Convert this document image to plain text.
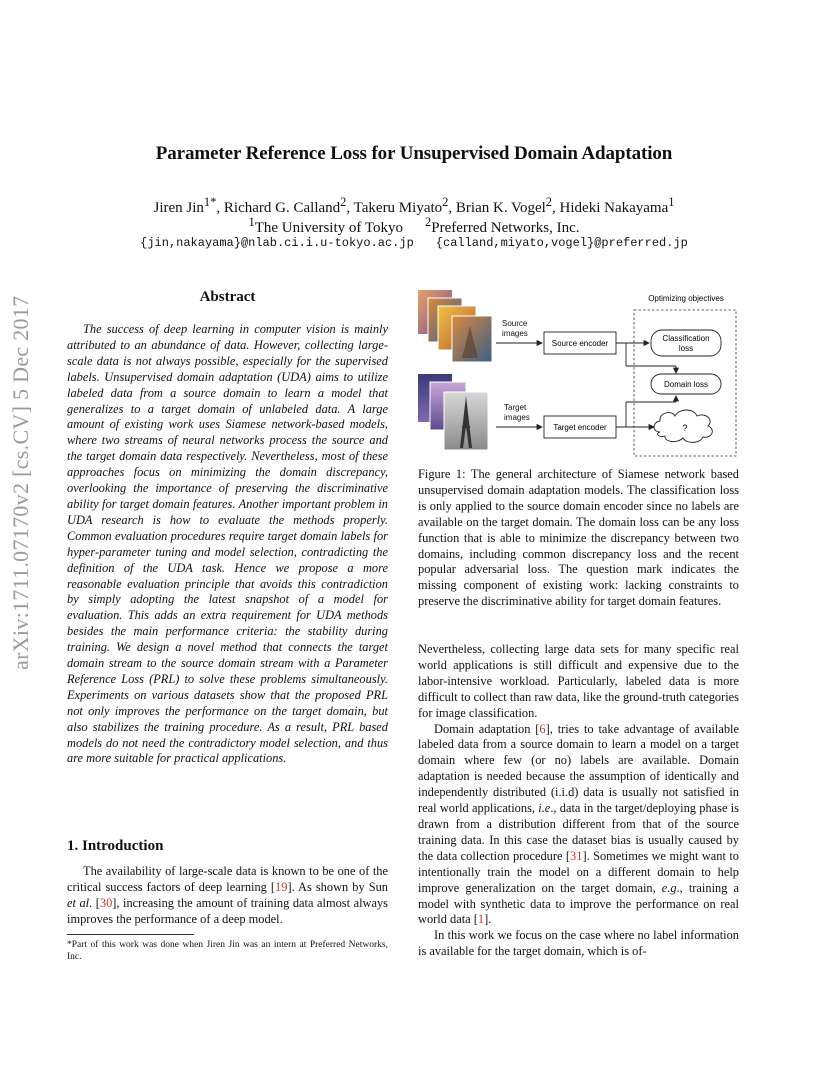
Parameter Reference Loss for Unsupervised Domain Adaptation
Jiren Jin$^{1*}$, Richard G. Calland$^2$, Takeru Miyato$^2$, Brian K. Vogel$^2$, Hideki Nakayama$^1$
$^1$The University of Tokyo $^2$Preferred Networks, Inc.
{jin,nakayama}@nlab.ci.i.u-tokyo.ac.jp {calland,miyato,vogel}@preferred.jp
arXiv:1711.07170v2 [cs.CV] 5 Dec 2017	Abstract
The success of deep learning in computer vision is mainly attributed to an abundance of data. However, collecting large-scale data is not always possible, especially for the supervised labels. Unsupervised domain adaptation (UDA) aims to utilize labeled data from a source domain to learn a model that generalizes to a target domain of unlabeled data. A large amount of existing work uses Siamese network-based models, where two streams of neural networks process the source and the target domain data respectively. Nevertheless, most of these approaches focus on minimizing the domain discrepancy, overlooking the importance of preserving the discriminative ability for target domain features. Another important problem in UDA research is how to evaluate the methods properly. Common evaluation procedures require target domain labels for hyper-parameter tuning and model selection, contradicting the definition of the UDA task. Hence we propose a more reasonable evaluation principle that avoids this contradiction by simply adopting the latest snapshot of a model for evaluation. This adds an extra requirement for UDA methods besides the main performance criteria: the stability during training. We design a novel method that connects the target domain stream to the source domain stream with a Parameter Reference Loss (PRL) to solve these problems simultaneously. Experiments on various datasets show that the proposed PRL not only improves the performance on the target domain, but also stabilizes the training procedure. As a result, PRL based models do not need the contradictory model selection, and thus are more suitable for practical applications.
1. Introduction
The availability of large-scale data is known to be one of the critical success factors of deep learning [19]. As shown by Sun et al. [30], increasing the amount of training data almost always improves the performance of a deep model.
*Part of this work was done when Jiren Jin was an intern at Preferred Networks, Inc.
Source
images
Target
images
Source encoder
Target encoder
Optimizing objectives
Classification
loss
Domain loss
?
Figure 1: The general architecture of Siamese network based unsupervised domain adaptation models. The classification loss is only applied to the source domain encoder since no labels are available on the target domain. The domain loss can be any loss function that is able to minimize the discrepancy between two domains, including common discrepancy loss and the recent popular adversarial loss. The question mark indicates the missing component of existing work: lacking constraints to preserve the discriminative ability for target domain features.

Nevertheless, collecting large data sets for many specific real world applications is still difficult and expensive due to the labor-intensive workload. Particularly, labeled data is more difficult to collect than raw data, like the ground-truth categories for image classification.

Domain adaptation [6], tries to take advantage of available labeled data from a source domain to learn a model on a target domain where few (or no) labels are available. Domain adaptation is needed because the assumption of identically and independently distributed (i.i.d) data is usually not satisfied in real world applications, i.e., data in the target/deploying phase is drawn from a distribution different from that of the source training data. In this case the dataset bias is usually caused by the data collection procedure [31]. Sometimes we might want to intentionally train the model on a different domain to help improve generalization on the target domain, e.g., training a model with synthetic data to improve the performance on real world data [1].

In this work we focus on the case where no label information is available for the target domain, which is of-
